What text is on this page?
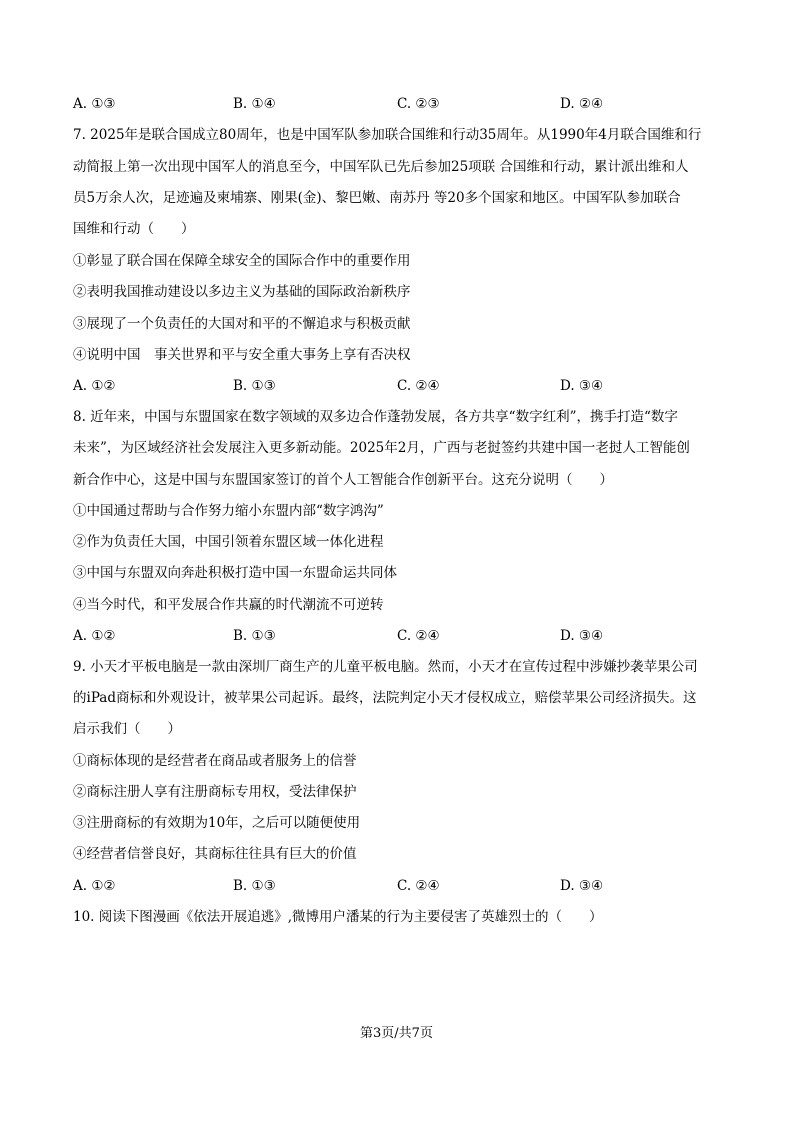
A. ①③	B. ①④	C. ②③	D. ②④
7. 2025年是联合国成立80周年，也是中国军队参加联合国维和行动35周年。从1990年4月联合国维和行
动简报上第一次出现中国军人的消息至今，中国军队已先后参加25项联 合国维和行动，累计派出维和人
员5万余人次，足迹遍及柬埔寨、刚果(金)、黎巴嫩、南苏丹 等20多个国家和地区。中国军队参加联合
国维和行动（　　）
①彰显了联合国在保障全球安全的国际合作中的重要作用
②表明我国推动建设以多边主义为基础的国际政治新秩序
③展现了一个负责任的大国对和平的不懈追求与积极贡献
④说明中国　事关世界和平与安全重大事务上享有否决权
A. ①②	B. ①③	C. ②④	D. ③④
8. 近年来，中国与东盟国家在数字领域的双多边合作蓬勃发展，各方共享“数字红利”，携手打造“数字
未来”，为区域经济社会发展注入更多新动能。2025年2月，广西与老挝签约共建中国一老挝人工智能创
新合作中心，这是中国与东盟国家签订的首个人工智能合作创新平台。这充分说明（　　）
①中国通过帮助与合作努力缩小东盟内部“数字鸿沟”
②作为负责任大国，中国引领着东盟区域一体化进程
③中国与东盟双向奔赴积极打造中国一东盟命运共同体
④当今时代，和平发展合作共赢的时代潮流不可逆转
A. ①②	B. ①③	C. ②④	D. ③④
9. 小天才平板电脑是一款由深圳厂商生产的儿童平板电脑。然而，小天才在宣传过程中涉嫌抄袭苹果公司
的iPad商标和外观设计，被苹果公司起诉。最终，法院判定小天才侵权成立，赔偿苹果公司经济损失。这
启示我们（　　）
①商标体现的是经营者在商品或者服务上的信誉
②商标注册人享有注册商标专用权，受法律保护
③注册商标的有效期为10年，之后可以随便使用
④经营者信誉良好，其商标往往具有巨大的价值
A. ①②	B. ①③	C. ②④	D. ③④
10. 阅读下图漫画《依法开展追逃》,微博用户潘某的行为主要侵害了英雄烈士的（　　）
第3页/共7页
